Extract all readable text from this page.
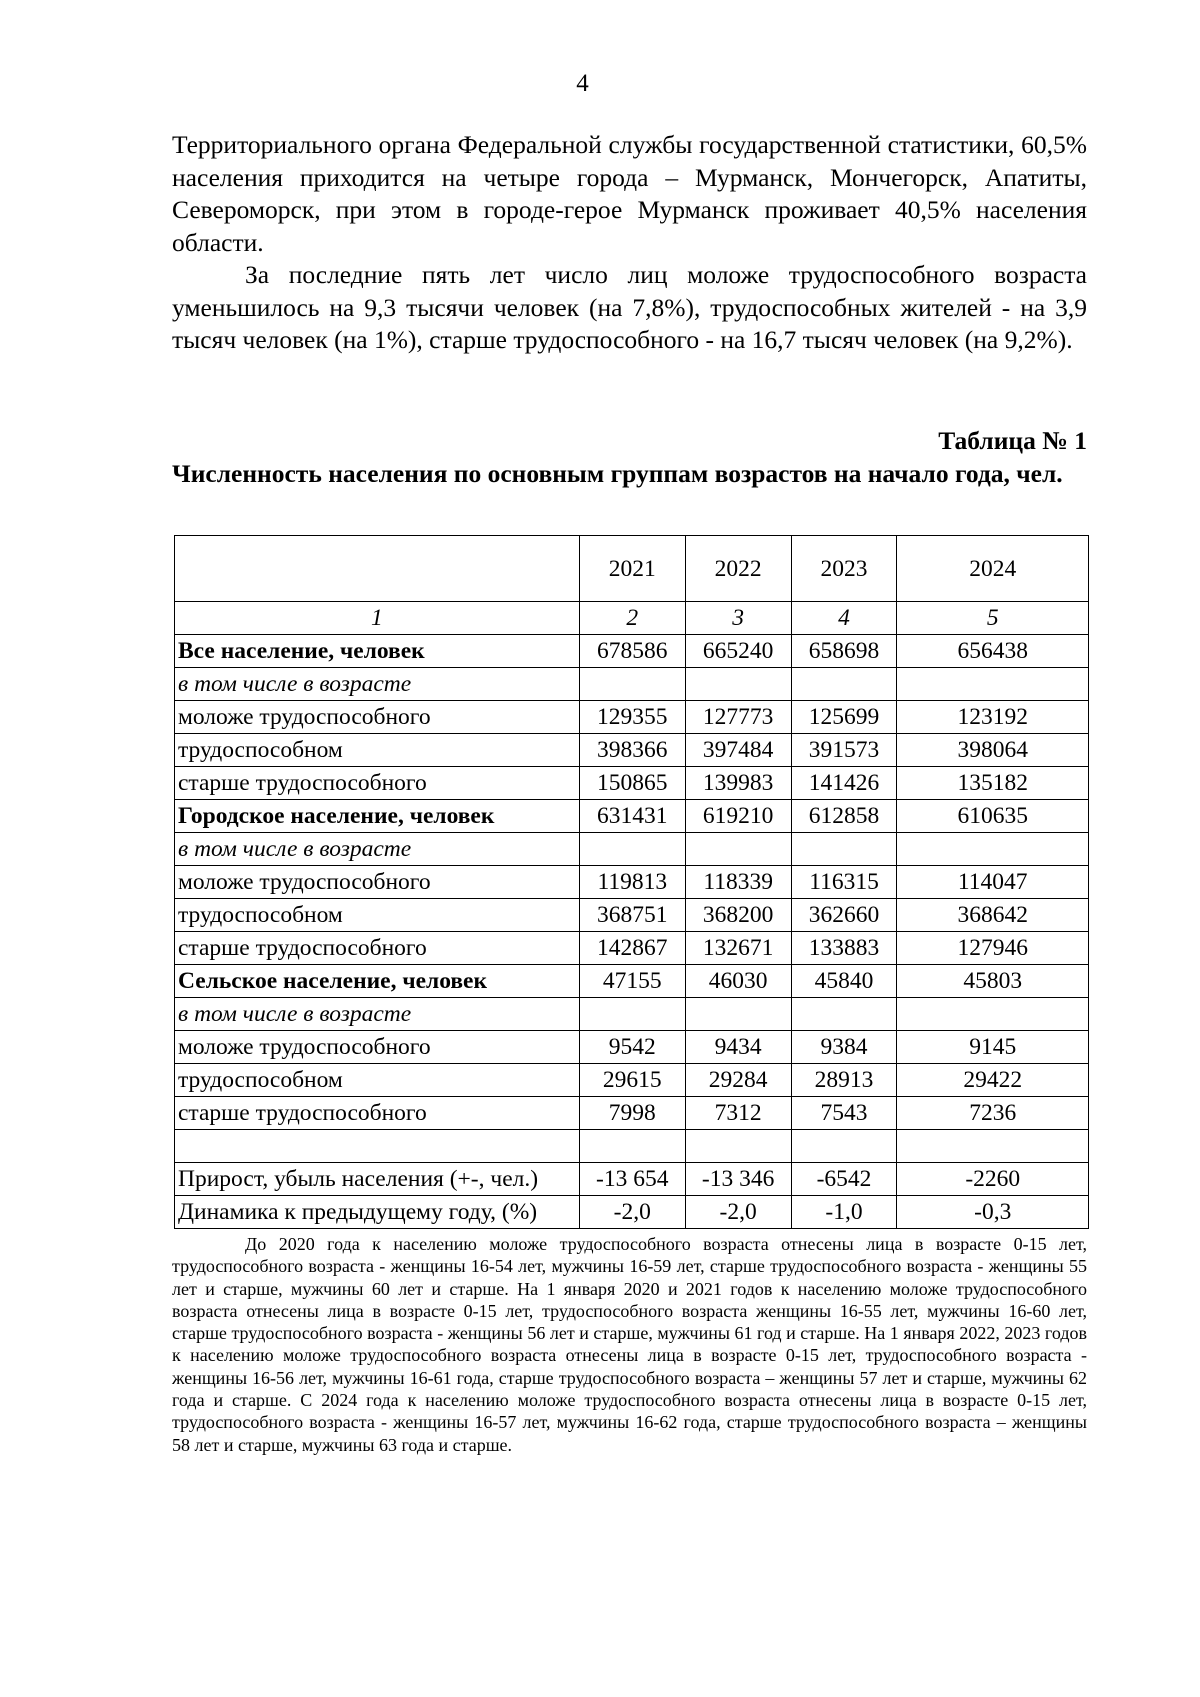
4

Территориального органа Федеральной службы государственной статистики, 60,5% населения приходится на четыре города – Мурманск, Мончегорск, Апатиты, Североморск, при этом в городе-герое Мурманск проживает 40,5% населения области.

За последние пять лет число лиц моложе трудоспособного возраста уменьшилось на 9,3 тысячи человек (на 7,8%), трудоспособных жителей - на 3,9 тысяч человек (на 1%), старше трудоспособного - на 16,7 тысяч человек (на 9,2%).

Таблица № 1
Численность населения по основным группам возрастов на начало года, чел.
	2021	2022	2023	2024
1	2	3	4	5
Все население, человек	678586	665240	658698	656438
в том числе в возрасте				
моложе трудоспособного	129355	127773	125699	123192
трудоспособном	398366	397484	391573	398064
старше трудоспособного	150865	139983	141426	135182
Городское население, человек	631431	619210	612858	610635
в том числе в возрасте				
моложе трудоспособного	119813	118339	116315	114047
трудоспособном	368751	368200	362660	368642
старше трудоспособного	142867	132671	133883	127946
Сельское население, человек	47155	46030	45840	45803
в том числе в возрасте				
моложе трудоспособного	9542	9434	9384	9145
трудоспособном	29615	29284	28913	29422
старше трудоспособного	7998	7312	7543	7236

Прирост, убыль населения (+-, чел.)	-13 654	-13 346	-6542	-2260
Динамика к предыдущему году, (%)	-2,0	-2,0	-1,0	-0,3

До 2020 года к населению моложе трудоспособного возраста отнесены лица в возрасте 0-15 лет, трудоспособного возраста - женщины 16-54 лет, мужчины 16-59 лет, старше трудоспособного возраста - женщины 55 лет и старше, мужчины 60 лет и старше. На 1 января 2020 и 2021 годов к населению моложе трудоспособного возраста отнесены лица в возрасте 0-15 лет, трудоспособного возраста женщины 16-55 лет, мужчины 16-60 лет, старше трудоспособного возраста - женщины 56 лет и старше, мужчины 61 год и старше. На 1 января 2022, 2023 годов к населению моложе трудоспособного возраста отнесены лица в возрасте 0-15 лет, трудоспособного возраста - женщины 16-56 лет, мужчины 16-61 года, старше трудоспособного возраста – женщины 57 лет и старше, мужчины 62 года и старше. С 2024 года к населению моложе трудоспособного возраста отнесены лица в возрасте 0-15 лет, трудоспособного возраста - женщины 16-57 лет, мужчины 16-62 года, старше трудоспособного возраста – женщины 58 лет и старше, мужчины 63 года и старше.
